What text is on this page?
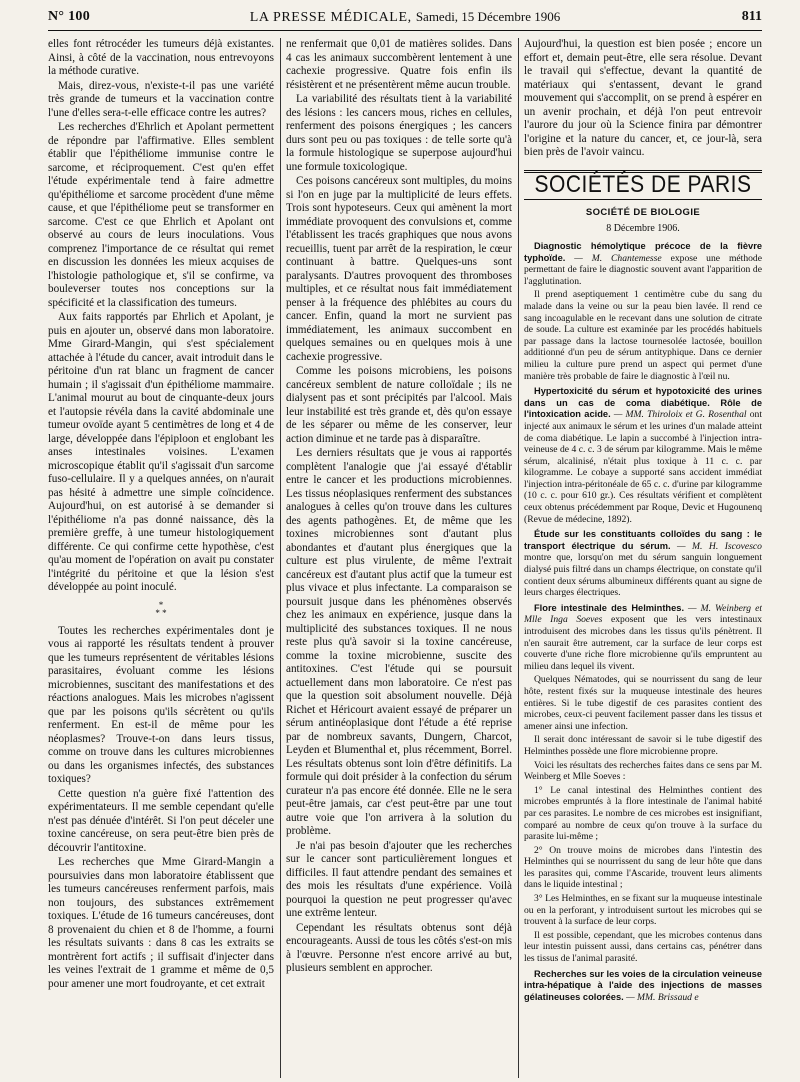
N° 100	LA PRESSE MÉDICALE, Samedi, 15 Décembre 1906	811

elles font rétrocéder les tumeurs déjà existantes. Ainsi, à côté de la vaccination, nous entrevoyons la méthode curative.

Mais, direz-vous, n'existe-t-il pas une variété très grande de tumeurs et la vaccination contre l'une d'elles sera-t-elle efficace contre les autres?

Les recherches d'Ehrlich et Apolant permettent de répondre par l'affirmative. Elles semblent établir que l'épithéliome immunise contre le sarcome, et réciproquement. C'est qu'en effet l'étude expérimentale tend à faire admettre qu'épithéliome et sarcome procèdent d'une même cause, et que l'épithéliome peut se transformer en sarcome. C'est ce que Ehrlich et Apolant ont observé au cours de leurs inoculations. Vous comprenez l'importance de ce résultat qui remet en discussion les données les mieux acquises de l'histologie pathologique et, s'il se confirme, va bouleverser toutes nos conceptions sur la spécificité et la classification des tumeurs.

Aux faits rapportés par Ehrlich et Apolant, je puis en ajouter un, observé dans mon laboratoire. Mme Girard-Mangin, qui s'est spécialement attachée à l'étude du cancer, avait introduit dans le péritoine d'un rat blanc un fragment de cancer humain ; il s'agissait d'un épithéliome mammaire. L'animal mourut au bout de cinquante-deux jours et l'autopsie révéla dans la cavité abdominale une tumeur ovoïde ayant 5 centimètres de long et 4 de large, développée dans l'épiploon et englobant les anses intestinales voisines. L'examen microscopique établit qu'il s'agissait d'un sarcome fuso-cellulaire. Il y a quelques années, on n'aurait pas hésité à admettre une simple coïncidence. Aujourd'hui, on est autorisé à se demander si l'épithéliome n'a pas donné naissance, dès la première greffe, à une tumeur histologiquement différente. Ce qui confirme cette hypothèse, c'est qu'au moment de l'opération on avait pu constater l'intégrité du péritoine et que la lésion s'est développée au point inoculé.

*
* *

Toutes les recherches expérimentales dont je vous ai rapporté les résultats tendent à prouver que les tumeurs représentent de véritables lésions parasitaires, évoluant comme les lésions microbiennes, suscitant des manifestations et des réactions analogues. Mais les microbes n'agissent que par les poisons qu'ils sécrètent ou qu'ils renferment. En est-il de même pour les néoplasmes? Trouve-t-on dans leurs tissus, comme on trouve dans les cultures microbiennes ou dans les organismes infectés, des substances toxiques?

Cette question n'a guère fixé l'attention des expérimentateurs. Il me semble cependant qu'elle n'est pas dénuée d'intérêt. Si l'on peut déceler une toxine cancéreuse, on sera peut-être bien près de découvrir l'antitoxine.

Les recherches que Mme Girard-Mangin a poursuivies dans mon laboratoire établissent que les tumeurs cancéreuses renferment parfois, mais non toujours, des substances extrêmement toxiques. L'étude de 16 tumeurs cancéreuses, dont 8 provenaient du chien et 8 de l'homme, a fourni les résultats suivants : dans 8 cas les extraits se montrèrent fort actifs ; il suffisait d'injecter dans les veines l'extrait de 1 gramme et même de 0,5 pour amener une mort foudroyante, et cet extrait

ne renfermait que 0,01 de matières solides. Dans 4 cas les animaux succombèrent lentement à une cachexie progressive. Quatre fois enfin ils résistèrent et ne présentèrent même aucun trouble.

La variabilité des résultats tient à la variabilité des lésions : les cancers mous, riches en cellules, renferment des poisons énergiques ; les cancers durs sont peu ou pas toxiques : de telle sorte qu'à la formule histologique se superpose aujourd'hui une formule toxicologique.

Ces poisons cancéreux sont multiples, du moins si l'on en juge par la multiplicité de leurs effets. Trois sont hypoteseurs. Ceux qui amènent la mort immédiate provoquent des convulsions et, comme l'établissent les tracés graphiques que nous avons recueillis, tuent par arrêt de la respiration, le cœur continuant à battre. Quelques-uns sont paralysants. D'autres provoquent des thromboses multiples, et ce résultat nous fait immédiatement penser à la fréquence des phlébites au cours du cancer. Enfin, quand la mort ne survient pas immédiatement, les animaux succombent en quelques semaines ou en quelques mois à une cachexie progressive.

Comme les poisons microbiens, les poisons cancéreux semblent de nature colloïdale ; ils ne dialysent pas et sont précipités par l'alcool. Mais leur instabilité est très grande et, dès qu'on essaye de les séparer ou même de les conserver, leur action diminue et ne tarde pas à disparaître.

Les derniers résultats que je vous ai rapportés complètent l'analogie que j'ai essayé d'établir entre le cancer et les productions microbiennes. Les tissus néoplasiques renferment des substances analogues à celles qu'on trouve dans les cultures des agents pathogènes. Et, de même que les toxines microbiennes sont d'autant plus abondantes et d'autant plus énergiques que la culture est plus virulente, de même l'extrait cancéreux est d'autant plus actif que la tumeur est plus vivace et plus infectante. La comparaison se poursuit jusque dans les phénomènes observés chez les animaux en expérience, jusque dans la multiplicité des substances toxiques. Il ne nous reste plus qu'à savoir si la toxine cancéreuse, comme la toxine microbienne, suscite des antitoxines. C'est l'étude qui se poursuit actuellement dans mon laboratoire. Ce n'est pas que la question soit absolument nouvelle. Déjà Richet et Héricourt avaient essayé de préparer un sérum antinéoplasique dont l'étude a été reprise par de nombreux savants, Dungern, Charcot, Leyden et Blumenthal et, plus récemment, Borrel. Les résultats obtenus sont loin d'être définitifs. La formule qui doit présider à la confection du sérum curateur n'a pas encore été donnée. Elle ne le sera peut-être jamais, car c'est peut-être par une tout autre voie que l'on arrivera à la solution du problème.

Je n'ai pas besoin d'ajouter que les recherches sur le cancer sont particulièrement longues et difficiles. Il faut attendre pendant des semaines et des mois les résultats d'une expérience. Voilà pourquoi la question ne peut progresser qu'avec une extrême lenteur.

Cependant les résultats obtenus sont déjà encourageants. Aussi de tous les côtés s'est-on mis à l'œuvre. Personne n'est encore arrivé au but, plusieurs semblent en approcher.

Aujourd'hui, la question est bien posée ; encore un effort et, demain peut-être, elle sera résolue. Devant le travail qui s'effectue, devant la quantité de matériaux qui s'entassent, devant le grand mouvement qui s'accomplit, on se prend à espérer en un avenir prochain, et déjà l'on peut entrevoir l'aurore du jour où la Science finira par démontrer l'origine et la nature du cancer, et, ce jour-là, sera bien près de l'avoir vaincu.

SOCIÉTÉS DE PARIS
SOCIÉTÉ DE BIOLOGIE
8 Décembre 1906.

Diagnostic hémolytique précoce de la fièvre typhoïde. — M. Chantemesse expose une méthode permettant de faire le diagnostic souvent avant l'apparition de l'agglutination.

Il prend aseptiquement 1 centimètre cube du sang du malade dans la veine ou sur la peau bien lavée. Il rend ce sang incoagulable en le recevant dans une solution de citrate de soude. La culture est examinée par les procédés habituels par passage dans la lactose tournesolée lactosée, bouillon additionné d'un peu de sérum antityphique. Dans ce dernier milieu la culture pure prend un aspect qui permet d'une manière très probable de faire le diagnostic à l'œil nu.

Hypertoxicité du sérum et hypotoxicité des urines dans un cas de coma diabétique. Rôle de l'intoxication acide. — MM. Thiroloix et G. Rosenthal ont injecté aux animaux le sérum et les urines d'un malade atteint de coma diabétique. Le lapin a succombé à l'injection intra-veineuse de 4 c. c. 3 de sérum par kilogramme. Mais le même sérum, alcalinisé, n'était plus toxique à 11 c. c. par kilogramme. Le cobaye a supporté sans accident immédiat l'injection intra-péritonéale de 65 c. c. d'urine par kilogramme (10 c. c. pour 610 gr.). Ces résultats vérifient et complètent ceux obtenus précédemment par Roque, Devic et Hugounenq (Revue de médecine, 1892).

Étude sur les constituants colloïdes du sang : le transport électrique du sérum. — M. H. Iscovesco montre que, lorsqu'on met du sérum sanguin longuement dialysé puis filtré dans un champs électrique, on constate qu'il contient deux sérums albumineux différents quant au signe de leurs charges électriques.

Flore intestinale des Helminthes. — M. Weinberg et Mlle Inga Soeves exposent que les vers intestinaux introduisent des microbes dans les tissus qu'ils pénètrent. Il n'en saurait être autrement, car la surface de leur corps est couverte d'une riche flore microbienne qu'ils empruntent au milieu dans lequel ils vivent.

Quelques Nématodes, qui se nourrissent du sang de leur hôte, restent fixés sur la muqueuse intestinale des heures entières. Si le tube digestif de ces parasites contient des microbes, ceux-ci peuvent facilement passer dans les tissus et amener ainsi une infection.

Il serait donc intéressant de savoir si le tube digestif des Helminthes possède une flore microbienne propre.

Voici les résultats des recherches faites dans ce sens par M. Weinberg et Mlle Soeves :

1° Le canal intestinal des Helminthes contient des microbes empruntés à la flore intestinale de l'animal habité par ces parasites. Le nombre de ces microbes est insignifiant, comparé au nombre de ceux qu'on trouve à la surface du parasite lui-même ;

2° On trouve moins de microbes dans l'intestin des Helminthes qui se nourrissent du sang de leur hôte que dans les parasites qui, comme l'Ascaride, trouvent leurs aliments dans le liquide intestinal ;

3° Les Helminthes, en se fixant sur la muqueuse intestinale ou en la perforant, y introduisent surtout les microbes qui se trouvent à la surface de leur corps.

Il est possible, cependant, que les microbes contenus dans leur intestin puissent aussi, dans certains cas, pénétrer dans les tissus de l'animal parasité.

Recherches sur les voies de la circulation veineuse intra-hépatique à l'aide des injections de masses gélatineuses colorées. — MM. Brissaud e
